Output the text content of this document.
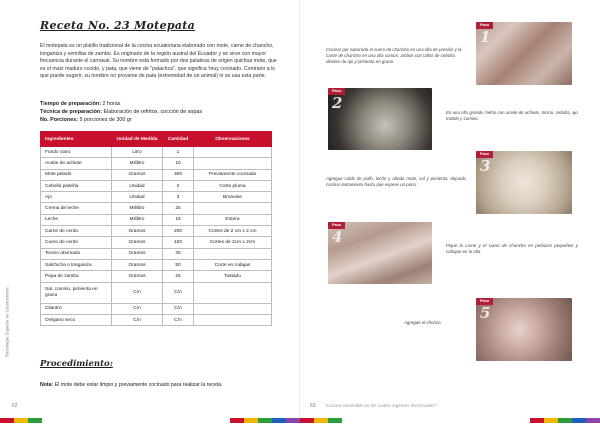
Receta No. 23 Motepata
El motepata es un platillo tradicional de la cocina ecuatoriana elaborado con mote, carne de chancho, longaniza y semillas de zambo. Es originario de la región austral del Ecuador y se sirve con mayor frecuencia durante el carnaval. Su nombre está formado por dos palabras de origen quichua mote, que es el maíz maduro cocido, y pata, que viene de "patachca", que significa 'muy cocinado. Contrario a lo que puede sugerir, su nombre no proviene de pata (extremidad de un animal) ni se usa esta parte.
Tiempo de preparación: 2 horas
Técnica de preparación: Elaboración de refritos, cocción de sopas
No. Porciones: 5 porciones de 300 gr
Ingredientes	Unidad de Medida	Cantidad	Observaciones
Fondo claro	Litro	1	
Aceite de achiote	Mililitro	10	
Mote pelado	Gramos	300	Previamente cocinado
Cebolla paiteña	Unidad	2	Corte pluma
Ajo	Unidad	3	Brunoise
Crema de leche	Mililitro	25	
Leche	Mililitro	15	Entera
Carne de cerdo	Gramos	200	Cortes de 2 cm x 2 cm
Cuero de cerdo	Gramos	100	Cortes de 2cm x 2cm
Tocino ahumado	Gramos	30	
Salchicha o longaniza	Gramos	50	Corte en rodajas
Pepa de zambo	Gramos	25	Tostado
Sal, comino, pimienta en grano	C/n	C/n	
Cilantro	C/n	C/n	
Orégano seco	C/n	C/n	
Procedimiento:
Nota: El mote debe estar limpio y previamente cocinado para realizar la receta.
Tecnología Superior en Gastronomía
62
Paso
1
Cocinar por separado el cuero de chancho en una olla de presión y la carne de chancho en una olla común, ambos con tallos de cebolla, dientes de ajo y pimienta en grano.
Paso
2
En una olla grande, hefrio con aceite de achiote, tocino, cebolla, ajo molido y comino.
Paso
3
Agregue caldo de pollo, leche y añada mote, sal y pimienta, dejando cocinar lentamente hasta que espese un poco.
Paso
4	Pique la carne y el cuero de chancho en pedazos pequeños y coloque en la olla.
Paso
5
Agregue el chorizo.
63 "Cocina sostenible en las cuatro regiones del Ecuador"
